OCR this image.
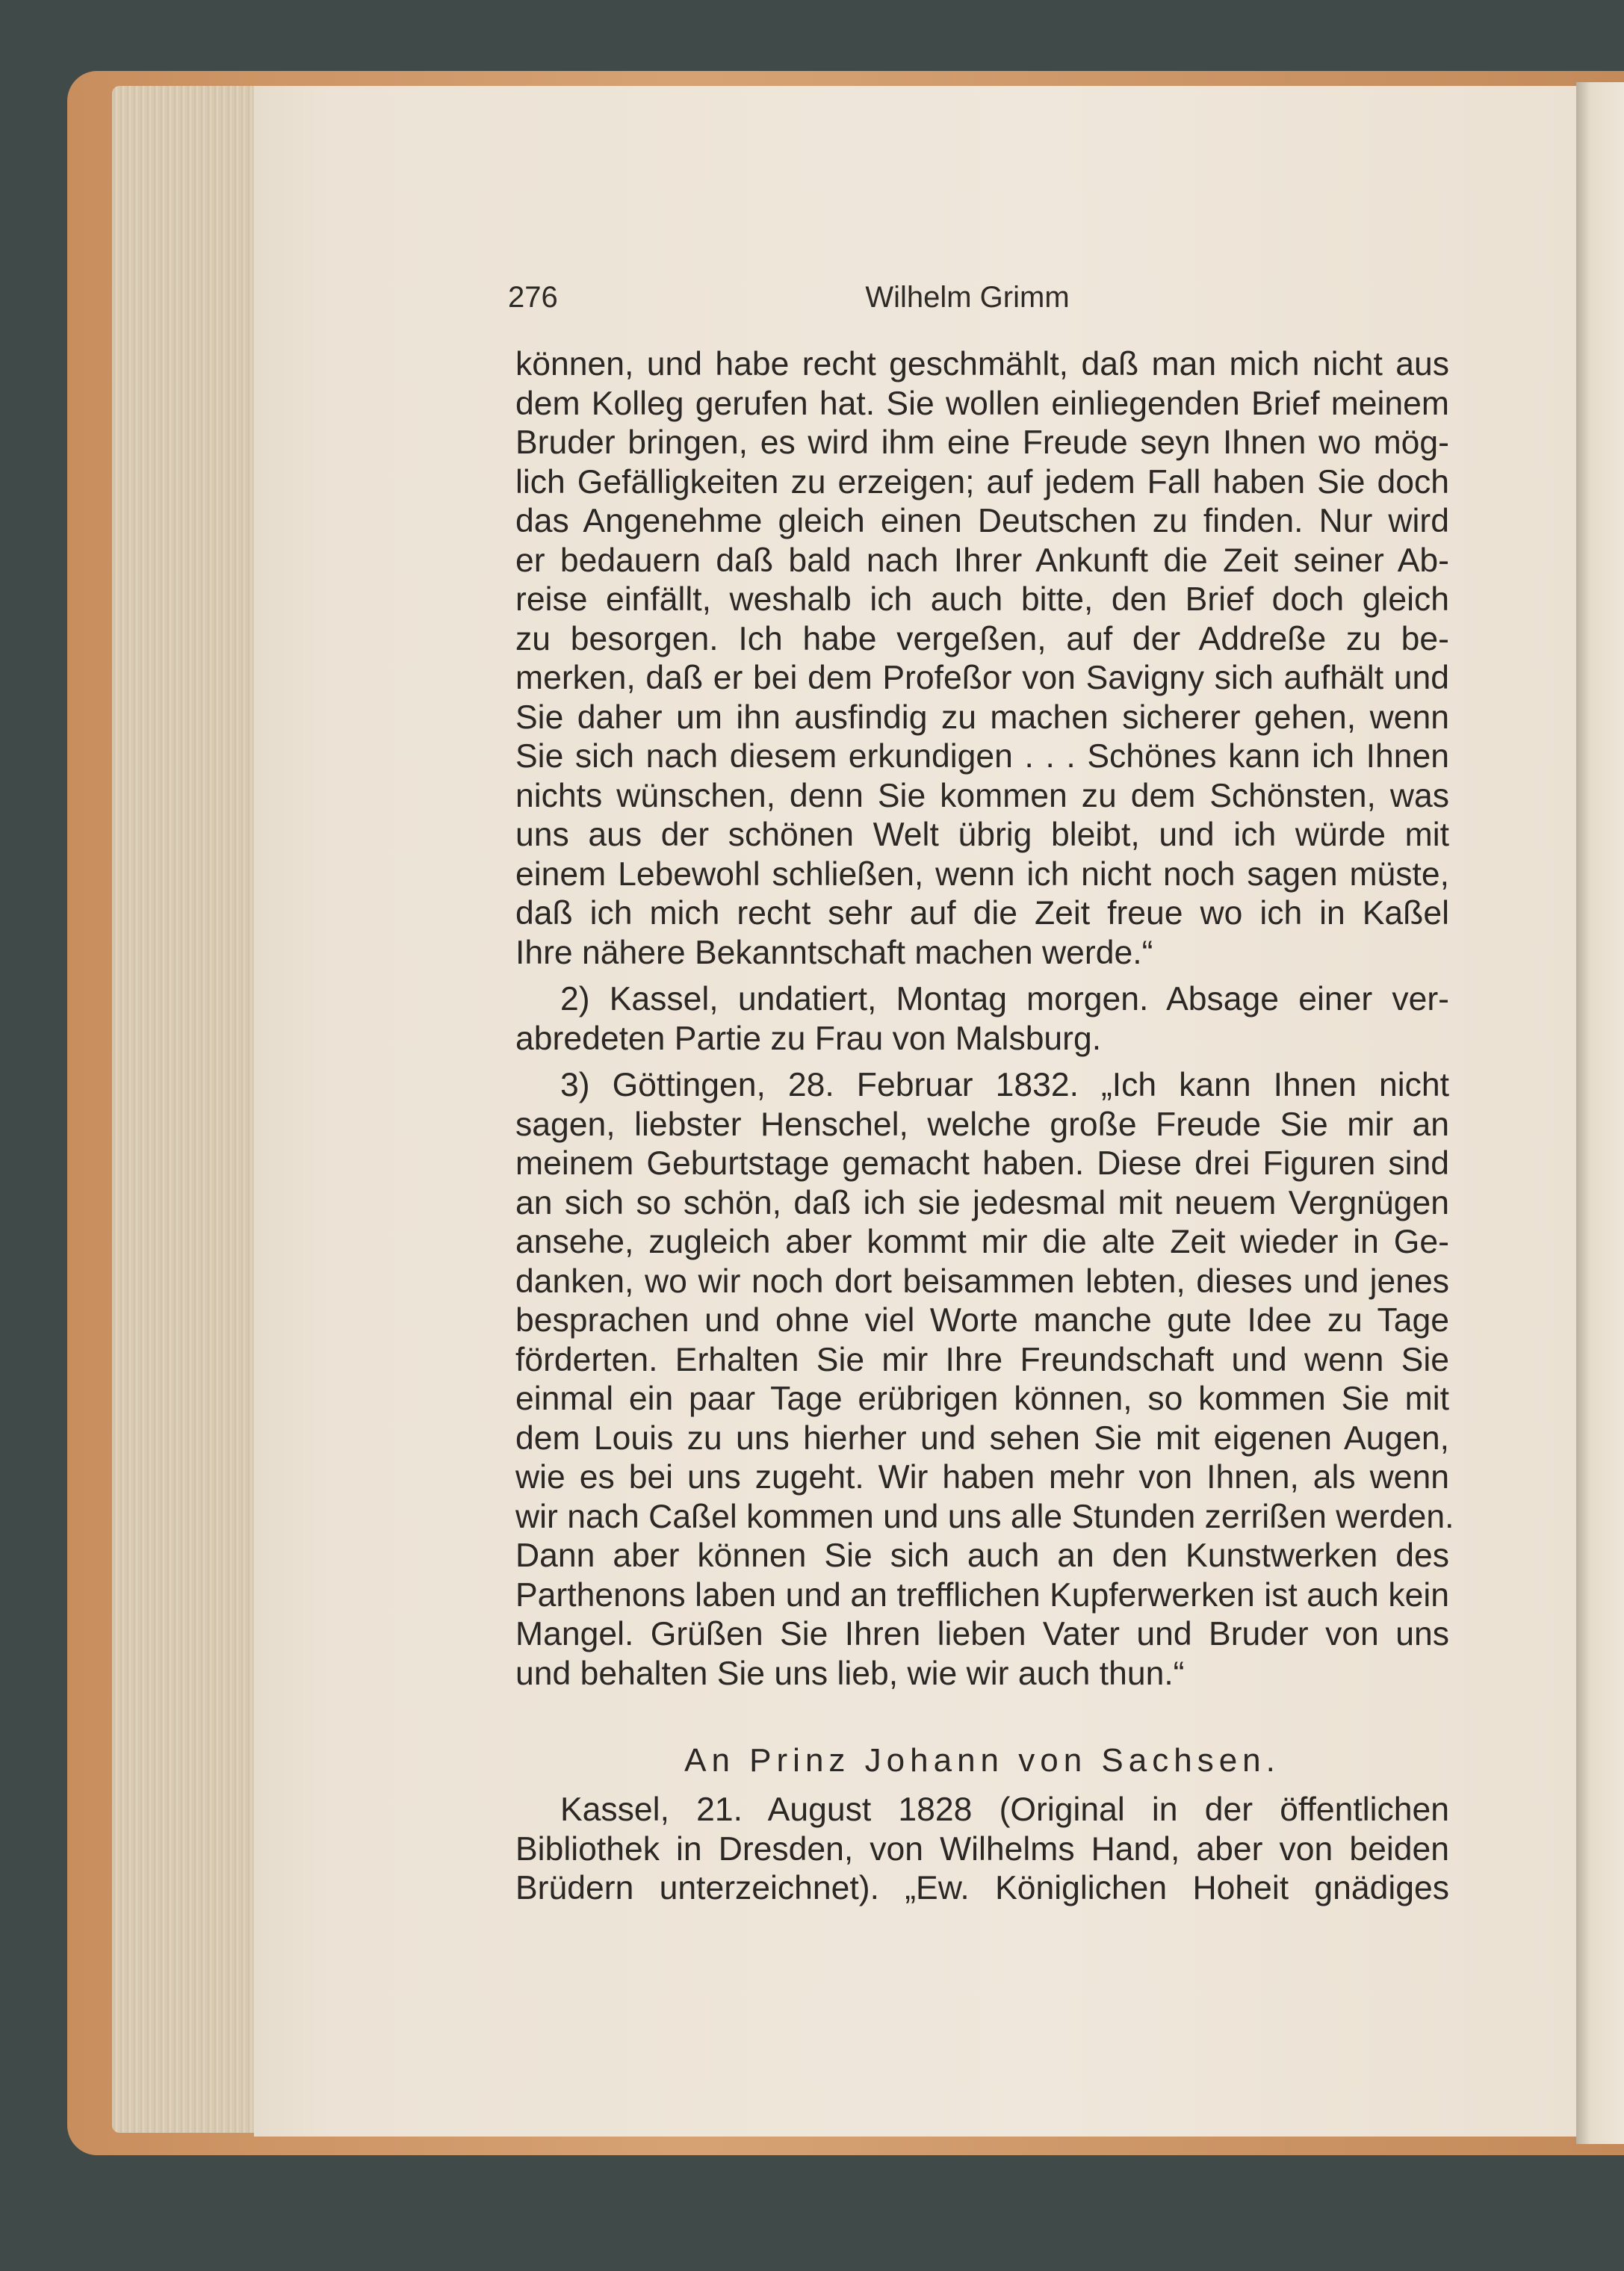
276	Wilhelm Grimm
können, und habe recht geschmählt, daß man mich nicht aus
dem Kolleg gerufen hat. Sie wollen einliegenden Brief meinem
Bruder bringen, es wird ihm eine Freude seyn Ihnen wo mög-
lich Gefälligkeiten zu erzeigen; auf jedem Fall haben Sie doch
das Angenehme gleich einen Deutschen zu finden. Nur wird
er bedauern daß bald nach Ihrer Ankunft die Zeit seiner Ab-
reise einfällt, weshalb ich auch bitte, den Brief doch gleich
zu besorgen. Ich habe vergeßen, auf der Addreße zu be-
merken, daß er bei dem Profeßor von Savigny sich aufhält und
Sie daher um ihn ausfindig zu machen sicherer gehen, wenn
Sie sich nach diesem erkundigen . . . Schönes kann ich Ihnen
nichts wünschen, denn Sie kommen zu dem Schönsten, was
uns aus der schönen Welt übrig bleibt, und ich würde mit
einem Lebewohl schließen, wenn ich nicht noch sagen müste,
daß ich mich recht sehr auf die Zeit freue wo ich in Kaßel
Ihre nähere Bekanntschaft machen werde.“
2) Kassel, undatiert, Montag morgen. Absage einer ver-
abredeten Partie zu Frau von Malsburg.
3) Göttingen, 28. Februar 1832. „Ich kann Ihnen nicht
sagen, liebster Henschel, welche große Freude Sie mir an
meinem Geburtstage gemacht haben. Diese drei Figuren sind
an sich so schön, daß ich sie jedesmal mit neuem Vergnügen
ansehe, zugleich aber kommt mir die alte Zeit wieder in Ge-
danken, wo wir noch dort beisammen lebten, dieses und jenes
besprachen und ohne viel Worte manche gute Idee zu Tage
förderten. Erhalten Sie mir Ihre Freundschaft und wenn Sie
einmal ein paar Tage erübrigen können, so kommen Sie mit
dem Louis zu uns hierher und sehen Sie mit eigenen Augen,
wie es bei uns zugeht. Wir haben mehr von Ihnen, als wenn
wir nach Caßel kommen und uns alle Stunden zerrißen werden.
Dann aber können Sie sich auch an den Kunstwerken des
Parthenons laben und an trefflichen Kupferwerken ist auch kein
Mangel. Grüßen Sie Ihren lieben Vater und Bruder von uns
und behalten Sie uns lieb, wie wir auch thun.“

An Prinz Johann von Sachsen.

Kassel, 21. August 1828 (Original in der öffentlichen
Bibliothek in Dresden, von Wilhelms Hand, aber von beiden
Brüdern unterzeichnet). „Ew. Königlichen Hoheit gnädiges
